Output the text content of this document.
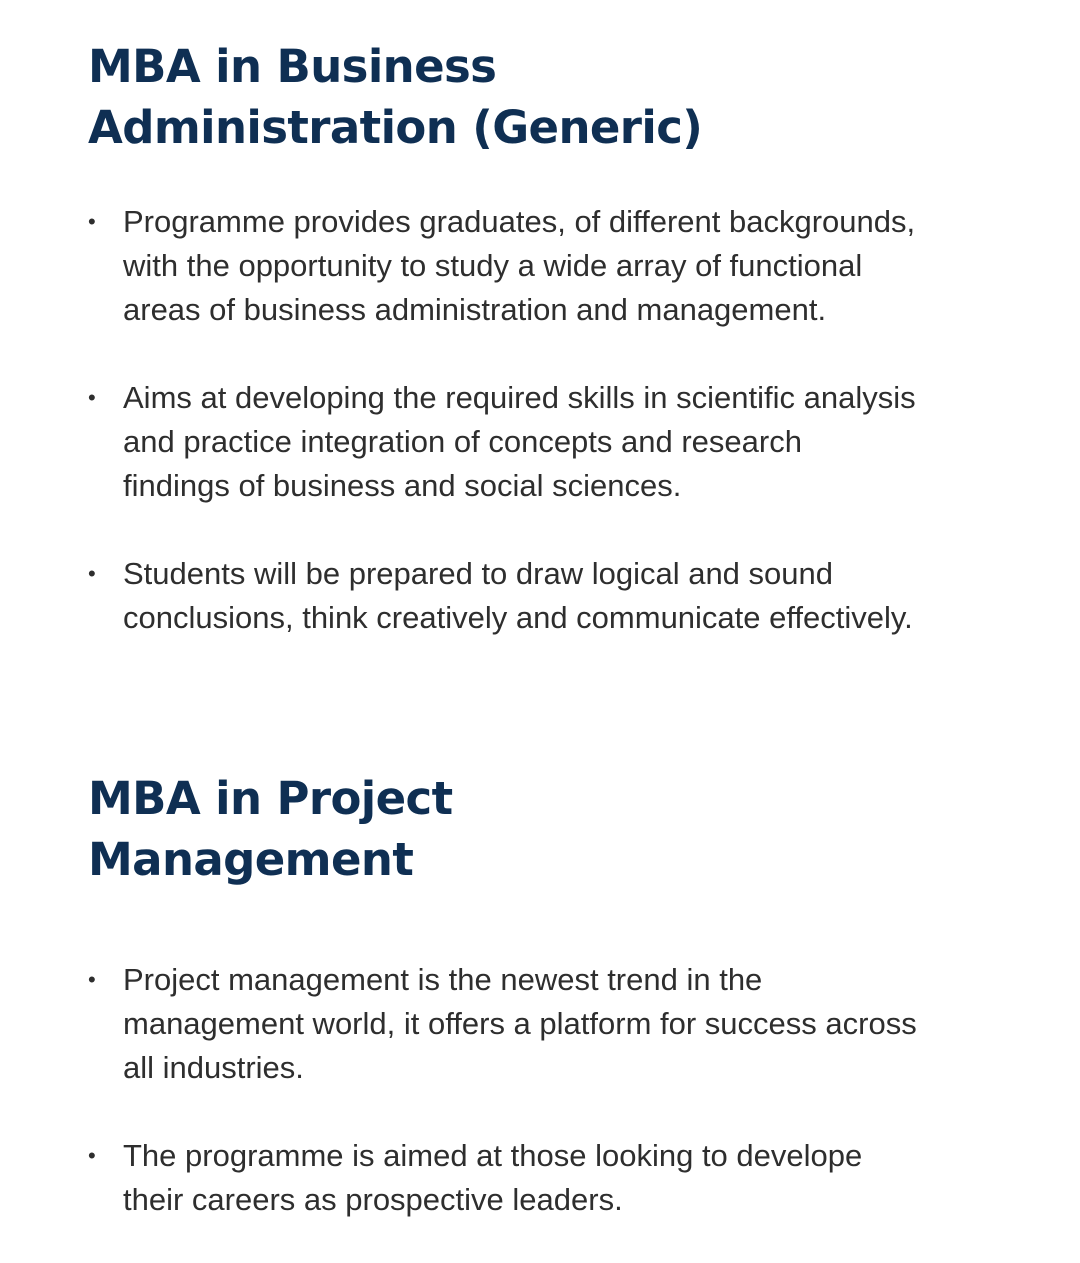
MBA in Business
Administration (Generic)
• Programme provides graduates, of different backgrounds,
with the opportunity to study a wide array of functional
areas of business administration and management.
• Aims at developing the required skills in scientific analysis
and practice integration of concepts and research
findings of business and social sciences.
• Students will be prepared to draw logical and sound
conclusions, think creatively and communicate effectively.
MBA in Project
Management
• Project management is the newest trend in the
management world, it offers a platform for success across
all industries.
• The programme is aimed at those looking to develope
their careers as prospective leaders.
